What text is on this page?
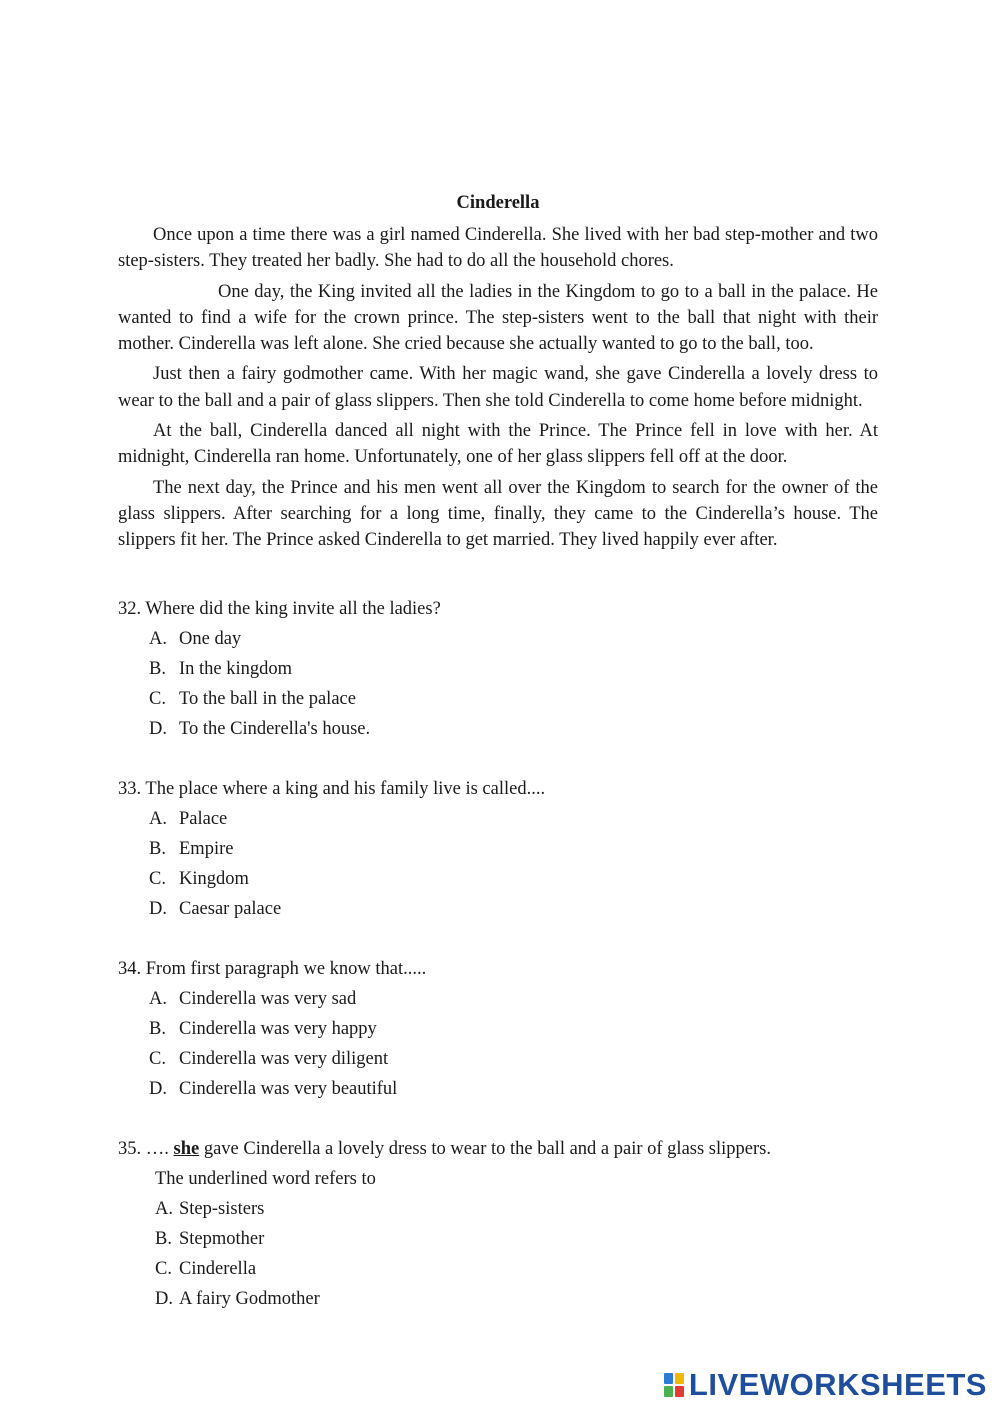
Cinderella

Once upon a time there was a girl named Cinderella. She lived with her bad step-mother and two step-sisters. They treated her badly. She had to do all the household chores.

One day, the King invited all the ladies in the Kingdom to go to a ball in the palace. He wanted to find a wife for the crown prince. The step-sisters went to the ball that night with their mother. Cinderella was left alone. She cried because she actually wanted to go to the ball, too.

Just then a fairy godmother came. With her magic wand, she gave Cinderella a lovely dress to wear to the ball and a pair of glass slippers. Then she told Cinderella to come home before midnight.

At the ball, Cinderella danced all night with the Prince. The Prince fell in love with her. At midnight, Cinderella ran home. Unfortunately, one of her glass slippers fell off at the door.

The next day, the Prince and his men went all over the Kingdom to search for the owner of the glass slippers. After searching for a long time, finally, they came to the Cinderella’s house. The slippers fit her. The Prince asked Cinderella to get married. They lived happily ever after.

32. Where did the king invite all the ladies?
A. One day
B. In the kingdom
C. To the ball in the palace
D. To the Cinderella's house.
33. The place where a king and his family live is called....
A. Palace
B. Empire
C. Kingdom
D. Caesar palace
34. From first paragraph we know that.....
A. Cinderella was very sad
B. Cinderella was very happy
C. Cinderella was very diligent
D. Cinderella was very beautiful
35. …. she gave Cinderella a lovely dress to wear to the ball and a pair of glass slippers.
The underlined word refers to
A. Step-sisters
B. Stepmother
C. Cinderella
D. A fairy Godmother
LIVEWORKSHEETS
